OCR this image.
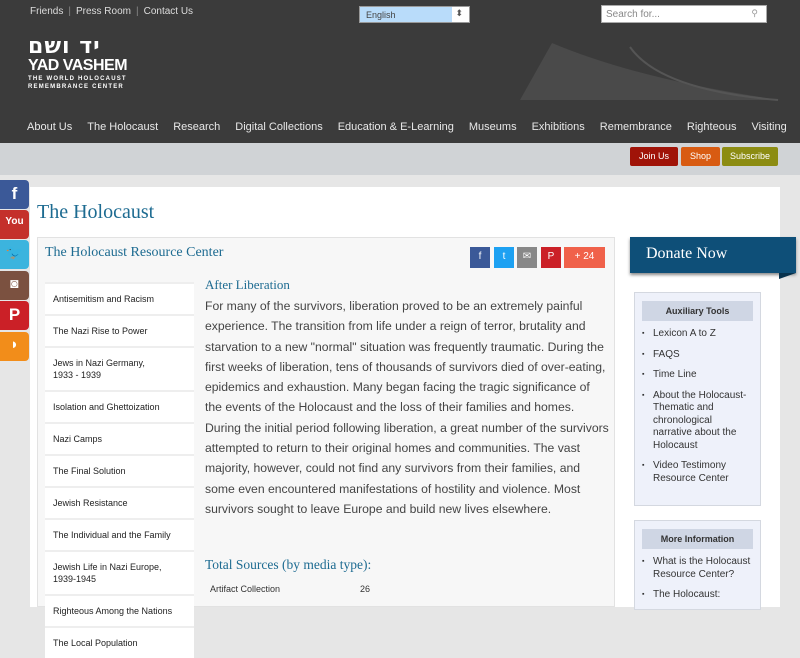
Friends | Press Room | Contact Us	English	⬍	Search for...	⚲
יד ושם
YAD VASHEM
THE WORLD HOLOCAUST
REMEMBRANCE CENTER
About Us The Holocaust Research Digital Collections Education & E-Learning Museums Exhibitions Remembrance Righteous Visiting
Join Us	Shop	Subscribe
f
You

🐦
◙
P
◗
The Holocaust
The Holocaust Resource Center	f	t	✉	P	+ 24
Antisemitism and Racism
The Nazi Rise to Power
Jews in Nazi Germany, 1933 - 1939
Isolation and Ghettoization
Nazi Camps
The Final Solution
Jewish Resistance
The Individual and the Family
Jewish Life in Nazi Europe, 1939-1945
Righteous Among the Nations
The Local Population
After Liberation
For many of the survivors, liberation proved to be an extremely painful experience. The transition from life under a reign of terror, brutality and starvation to a new "normal" situation was frequently traumatic. During the first weeks of liberation, tens of thousands of survivors died of over-eating, epidemics and exhaustion. Many began facing the tragic significance of the events of the Holocaust and the loss of their families and homes. During the initial period following liberation, a great number of the survivors attempted to return to their original homes and communities. The vast majority, however, could not find any survivors from their families, and some even encountered manifestations of hostility and violence. Most survivors sought to leave Europe and build new lives elsewhere.
Total Sources (by media type):
Artifact Collection	26
Donate Now
Auxiliary Tools
▪ Lexicon A to Z
▪ FAQS
▪ Time Line
▪ About the Holocaust-Thematic and chronological narrative about the Holocaust
▪ Video Testimony Resource Center
More Information
▪ What is the Holocaust Resource Center?
▪ The Holocaust:
